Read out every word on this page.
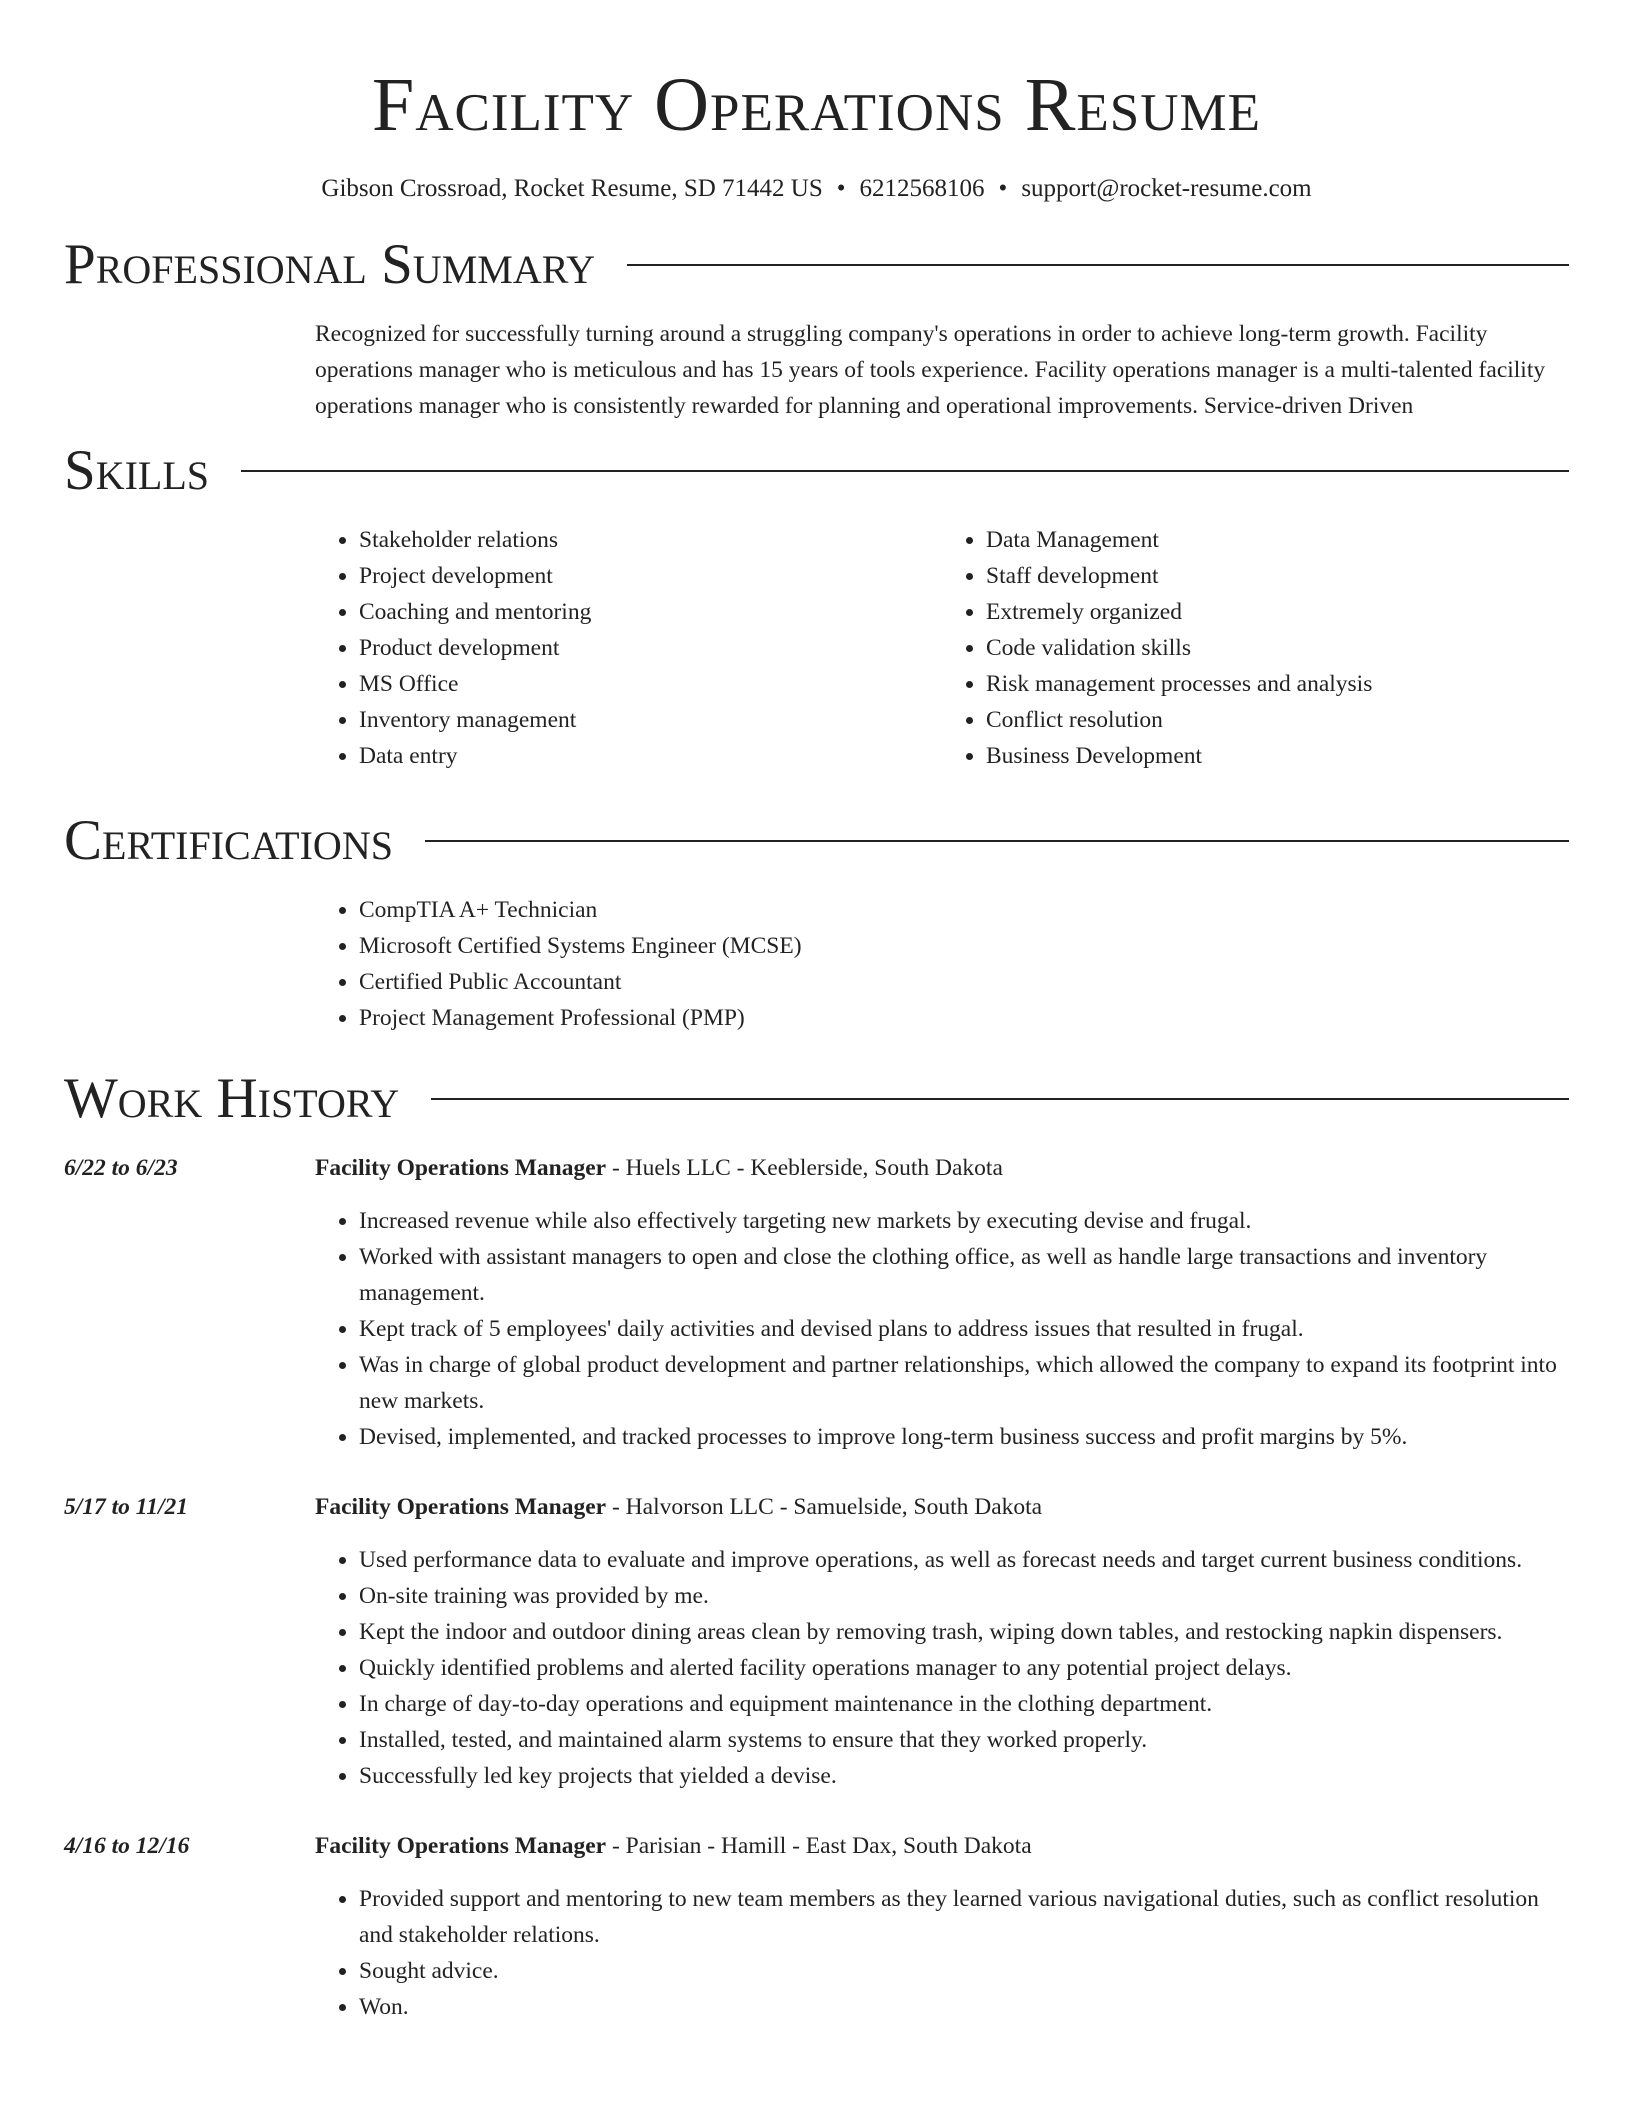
Facility Operations Resume
Gibson Crossroad, Rocket Resume, SD 71442 US • 6212568106 • support@rocket-resume.com
Professional Summary

Recognized for successfully turning around a struggling company's operations in order to achieve long-term growth. Facility operations manager who is meticulous and has 15 years of tools experience. Facility operations manager is a multi-talented facility operations manager who is consistently rewarded for planning and operational improvements. Service-driven Driven

Skills
• Stakeholder relations
• Project development
• Coaching and mentoring
• Product development
• MS Office
• Inventory management
• Data entry
• Data Management
• Staff development
• Extremely organized
• Code validation skills
• Risk management processes and analysis
• Conflict resolution
• Business Development
Certifications
• CompTIA A+ Technician
• Microsoft Certified Systems Engineer (MCSE)
• Certified Public Accountant
• Project Management Professional (PMP)
Work History
6/22 to 6/23	Facility Operations Manager - Huels LLC - Keeblerside, South Dakota
• Increased revenue while also effectively targeting new markets by executing devise and frugal.
• Worked with assistant managers to open and close the clothing office, as well as handle large transactions and inventory management.
• Kept track of 5 employees' daily activities and devised plans to address issues that resulted in frugal.
• Was in charge of global product development and partner relationships, which allowed the company to expand its footprint into new markets.
• Devised, implemented, and tracked processes to improve long-term business success and profit margins by 5%.
5/17 to 11/21	Facility Operations Manager - Halvorson LLC - Samuelside, South Dakota
• Used performance data to evaluate and improve operations, as well as forecast needs and target current business conditions.
• On-site training was provided by me.
• Kept the indoor and outdoor dining areas clean by removing trash, wiping down tables, and restocking napkin dispensers.
• Quickly identified problems and alerted facility operations manager to any potential project delays.
• In charge of day-to-day operations and equipment maintenance in the clothing department.
• Installed, tested, and maintained alarm systems to ensure that they worked properly.
• Successfully led key projects that yielded a devise.
4/16 to 12/16	Facility Operations Manager - Parisian - Hamill - East Dax, South Dakota
• Provided support and mentoring to new team members as they learned various navigational duties, such as conflict resolution and stakeholder relations.
• Sought advice.
• Won.
